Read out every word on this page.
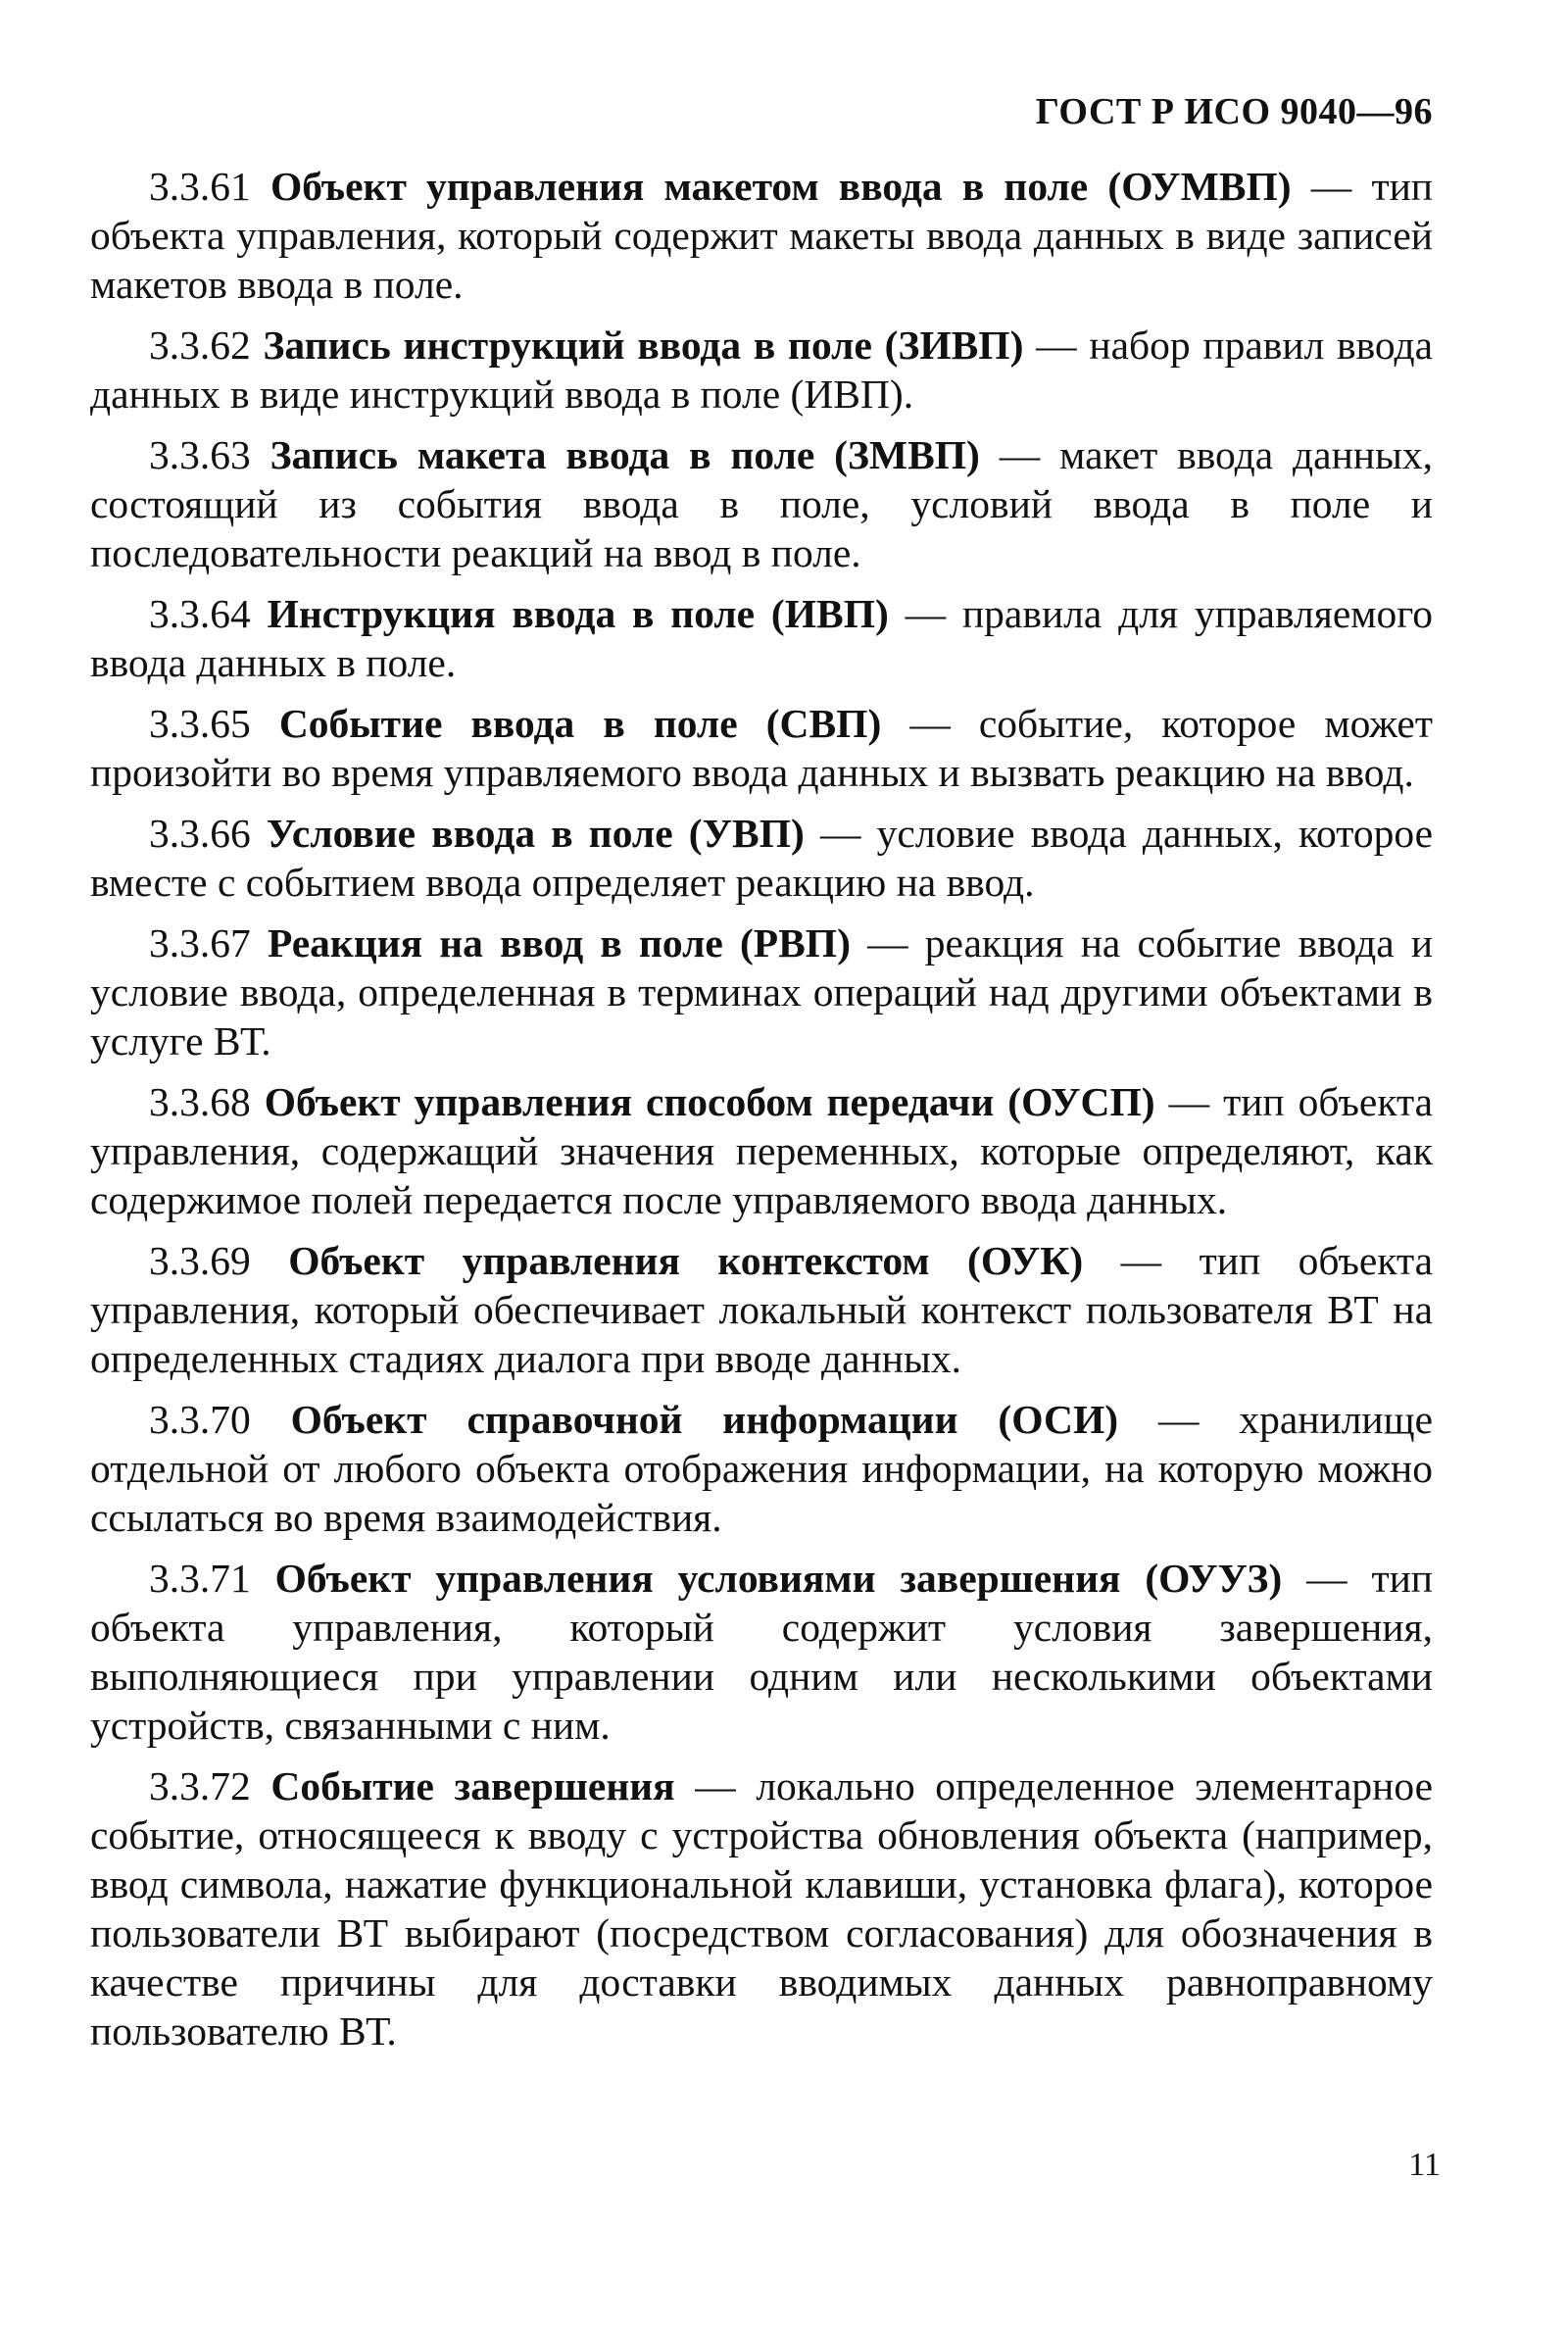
ГОСТ Р ИСО 9040—96

3.3.61 Объект управления макетом ввода в поле (ОУМВП) — тип объекта управления, который содержит макеты ввода данных в виде записей макетов ввода в поле.

3.3.62 Запись инструкций ввода в поле (ЗИВП) — набор правил ввода данных в виде инструкций ввода в поле (ИВП).

3.3.63 Запись макета ввода в поле (ЗМВП) — макет ввода данных, состоящий из события ввода в поле, условий ввода в поле и последовательности реакций на ввод в поле.

3.3.64 Инструкция ввода в поле (ИВП) — правила для управляемого ввода данных в поле.

3.3.65 Событие ввода в поле (СВП) — событие, которое может произойти во время управляемого ввода данных и вызвать реакцию на ввод.

3.3.66 Условие ввода в поле (УВП) — условие ввода данных, которое вместе с событием ввода определяет реакцию на ввод.

3.3.67 Реакция на ввод в поле (РВП) — реакция на событие ввода и условие ввода, определенная в терминах операций над другими объектами в услуге ВТ.

3.3.68 Объект управления способом передачи (ОУСП) — тип объекта управления, содержащий значения переменных, которые определяют, как содержимое полей передается после управляемого ввода данных.

3.3.69 Объект управления контекстом (ОУК) — тип объекта управления, который обеспечивает локальный контекст пользователя ВТ на определенных стадиях диалога при вводе данных.

3.3.70 Объект справочной информации (ОСИ) — хранилище отдельной от любого объекта отображения информации, на которую можно ссылаться во время взаимодействия.

3.3.71 Объект управления условиями завершения (ОУУЗ) — тип объекта управления, который содержит условия завершения, выполняющиеся при управлении одним или несколькими объектами устройств, связанными с ним.

3.3.72 Событие завершения — локально определенное элементарное событие, относящееся к вводу с устройства обновления объекта (например, ввод символа, нажатие функциональной клавиши, установка флага), которое пользователи ВТ выбирают (посредством согласования) для обозначения в качестве причины для доставки вводимых данных равноправному пользователю ВТ.

11
